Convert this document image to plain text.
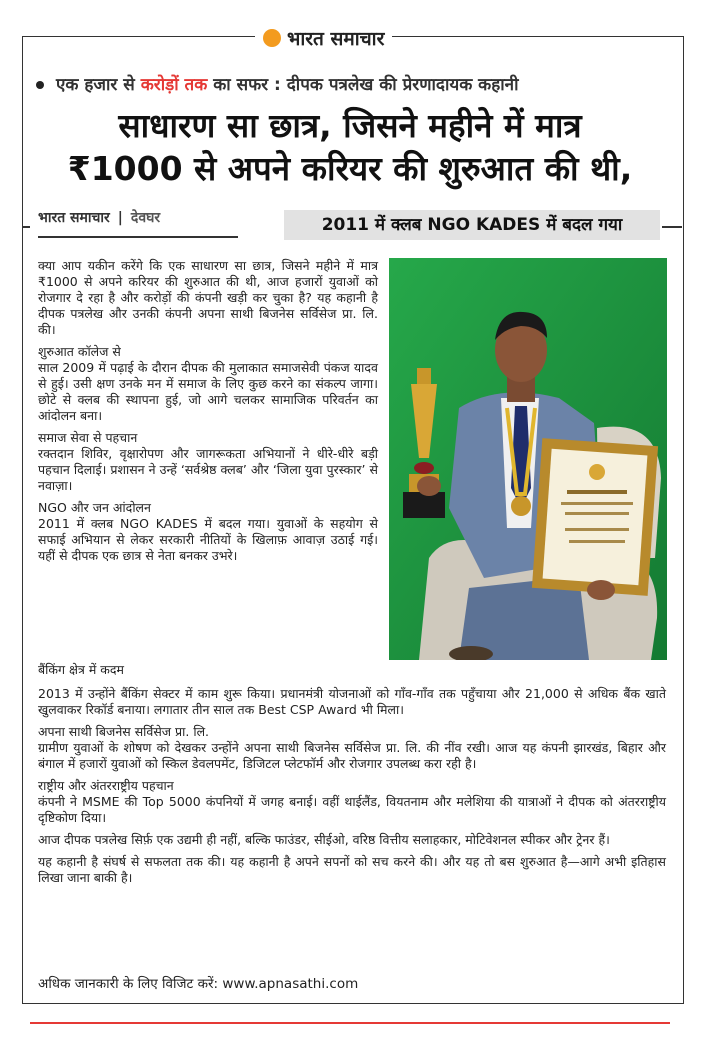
भारत समाचार
एक हजार से करोड़ों तक का सफर : दीपक पत्रलेख की प्रेरणादायक कहानी
साधारण सा छात्र, जिसने महीने में मात्र
₹1000 से अपने करियर की शुरुआत की थी,
भारत समाचार | देवघर	2011 में क्लब NGO KADES में बदल गया

क्या आप यकीन करेंगे कि एक साधारण सा छात्र, जिसने महीने में मात्र ₹1000 से अपने करियर की शुरुआत की थी, आज हजारों युवाओं को रोजगार दे रहा है और करोड़ों की कंपनी खड़ी कर चुका है? यह कहानी है दीपक पत्रलेख और उनकी कंपनी अपना साथी बिजनेस सर्विसेज प्रा. लि. की।

शुरुआत कॉलेज से

साल 2009 में पढ़ाई के दौरान दीपक की मुलाकात समाजसेवी पंकज यादव से हुई। उसी क्षण उनके मन में समाज के लिए कुछ करने का संकल्प जागा। छोटे से क्लब की स्थापना हुई, जो आगे चलकर सामाजिक परिवर्तन का आंदोलन बना।

समाज सेवा से पहचान

रक्तदान शिविर, वृक्षारोपण और जागरूकता अभियानों ने धीरे-धीरे बड़ी पहचान दिलाई। प्रशासन ने उन्हें ‘सर्वश्रेष्ठ क्लब’ और ‘जिला युवा पुरस्कार’ से नवाज़ा।

NGO और जन आंदोलन

2011 में क्लब NGO KADES में बदल गया। युवाओं के सहयोग से सफाई अभियान से लेकर सरकारी नीतियों के खिलाफ़ आवाज़ उठाई गई। यहीं से दीपक एक छात्र से नेता बनकर उभरे।

बैंकिंग क्षेत्र में कदम

2013 में उन्होंने बैंकिंग सेक्टर में काम शुरू किया। प्रधानमंत्री योजनाओं को गाँव-गाँव तक पहुँचाया और 21,000 से अधिक बैंक खाते खुलवाकर रिकॉर्ड बनाया। लगातार तीन साल तक Best CSP Award भी मिला।

अपना साथी बिजनेस सर्विसेज प्रा. लि.

ग्रामीण युवाओं के शोषण को देखकर उन्होंने अपना साथी बिजनेस सर्विसेज प्रा. लि. की नींव रखी। आज यह कंपनी झारखंड, बिहार और बंगाल में हजारों युवाओं को स्किल डेवलपमेंट, डिजिटल प्लेटफॉर्म और रोजगार उपलब्ध करा रही है।

राष्ट्रीय और अंतरराष्ट्रीय पहचान

कंपनी ने MSME की Top 5000 कंपनियों में जगह बनाई। वहीं थाईलैंड, वियतनाम और मलेशिया की यात्राओं ने दीपक को अंतरराष्ट्रीय दृष्टिकोण दिया।

आज दीपक पत्रलेख सिर्फ़ एक उद्यमी ही नहीं, बल्कि फाउंडर, सीईओ, वरिष्ठ वित्तीय सलाहकार, मोटिवेशनल स्पीकर और ट्रेनर हैं।

यह कहानी है संघर्ष से सफलता तक की। यह कहानी है अपने सपनों को सच करने की। और यह तो बस शुरुआत है—आगे अभी इतिहास लिखा जाना बाकी है।

अधिक जानकारी के लिए विजिट करें: www.apnasathi.com
